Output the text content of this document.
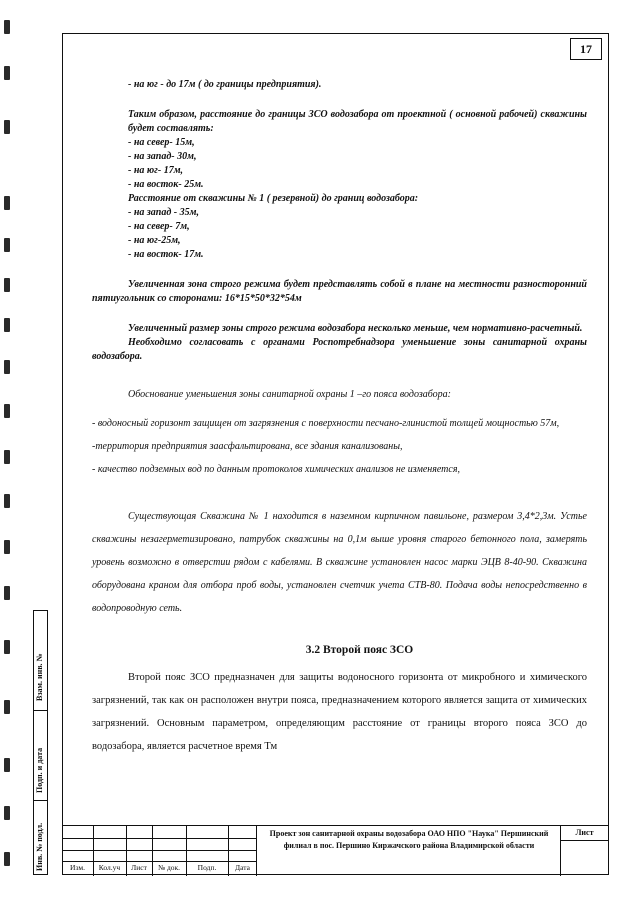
17

- на юг - до 17м ( до границы предприятия).

Таким образом, расстояние до границы ЗСО водозабора от проектной ( основной рабочей) скважины будет составлять:

- на север- 15м,

- на запад- 30м,

- на юг- 17м,

- на восток- 25м.

Расстояние от скважины № 1 ( резервной) до границ водозабора:

- на запад - 35м,

- на север- 7м,

- на юг-25м,

- на восток- 17м.

Увеличенная зона строго режима будет представлять собой в плане на местности разносторонний пятиугольник со сторонами: 16*15*50*32*54м

Увеличенный размер зоны строго режима водозабора несколько меньше, чем нормативно-расчетный.

Необходимо согласовать с органами Роспотребнадзора уменьшение зоны санитарной охраны водозабора.

Обоснование уменьшения зоны санитарной охраны 1 –го пояса водозабора:

- водоносный горизонт защищен от загрязнения с поверхности песчано-глинистой толщей мощностью 57м,

-территория предприятия заасфальтирована, все здания канализованы,

- качество подземных вод по данным протоколов химических анализов не изменяется,

Существующая Скважина № 1 находится в наземном кирпичном павильоне, размером 3,4*2,3м. Устье скважины незагерметизировано, патрубок скважины на 0,1м выше уровня старого бетонного пола, замерять уровень возможно в отверстии рядом с кабелями. В скважине установлен насос марки ЭЦВ 8-40-90. Скважина оборудована краном для отбора проб воды, установлен счетчик учета СТВ-80. Подача воды непосредственно в водопроводную сеть.

3.2 Второй пояс ЗСО

Второй пояс ЗСО предназначен для защиты водоносного горизонта от микробного и химического загрязнений, так как он расположен внутри пояса, предназначением которого является защита от химических загрязнений. Основным параметром, определяющим расстояние от границы второго пояса ЗСО до водозабора, является расчетное время Тм

Взам. инв. №
Подп. и дата
Инв. № подл.	Изм.	Кол.уч	Лист	№ док.	Подп.	Дата
Проект зон санитарной охраны водозабора ОАО НПО "Наука" Першинский филиал в пос. Першино Киржачского района Владимирской области
Лист
